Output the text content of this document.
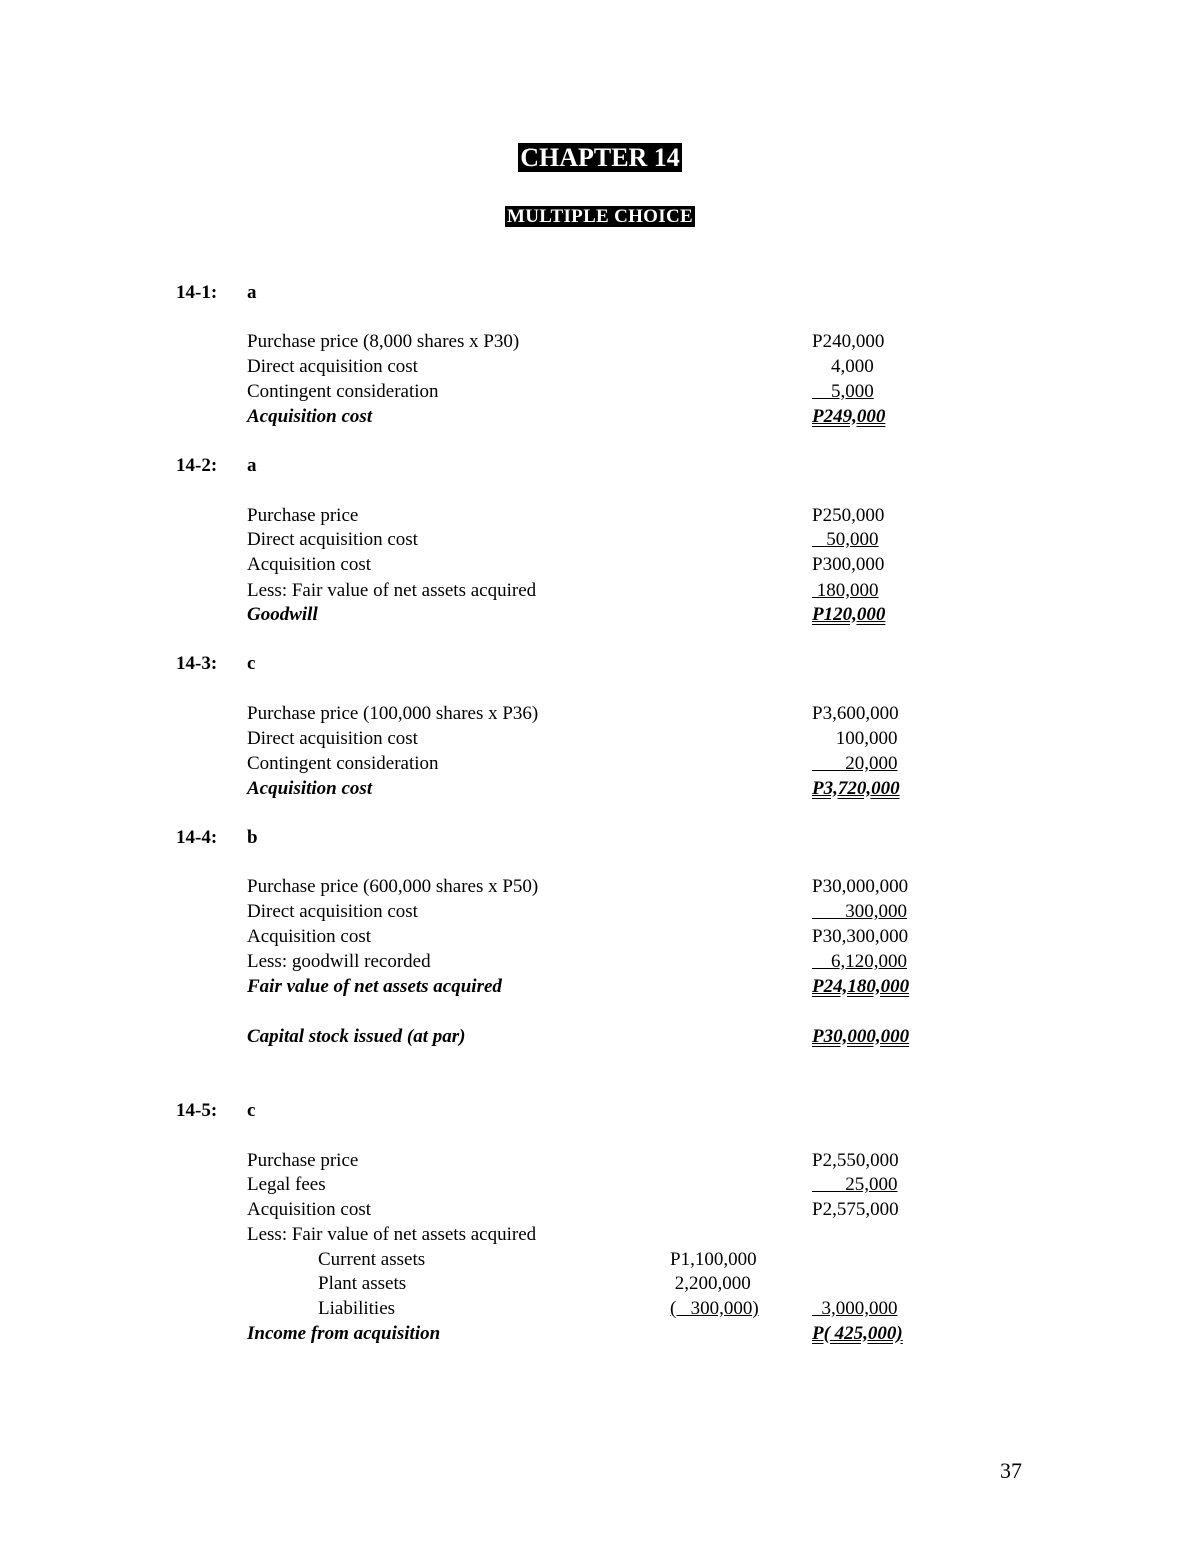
CHAPTER 14
MULTIPLE CHOICE
14-1: a
Purchase price (8,000 shares x P30)	P240,000
Direct acquisition cost	4,000
Contingent consideration	5,000
Acquisition cost	P249,000
14-2: a
Purchase price	P250,000
Direct acquisition cost	50,000
Acquisition cost	P300,000
Less: Fair value of net assets acquired	180,000
Goodwill	P120,000
14-3: c
Purchase price (100,000 shares x P36)	P3,600,000
Direct acquisition cost	100,000
Contingent consideration	20,000
Acquisition cost	P3,720,000
14-4: b
Purchase price (600,000 shares x P50)	P30,000,000
Direct acquisition cost	300,000
Acquisition cost	P30,300,000
Less: goodwill recorded	6,120,000
Fair value of net assets acquired	P24,180,000
Capital stock issued (at par)	P30,000,000
14-5: c
Purchase price	P2,550,000
Legal fees	25,000
Acquisition cost	P2,575,000
Less: Fair value of net assets acquired
Current assets	P1,100,000
Plant assets	2,200,000
Liabilities	(   300,000)	3,000,000
Income from acquisition	P( 425,000)
37
